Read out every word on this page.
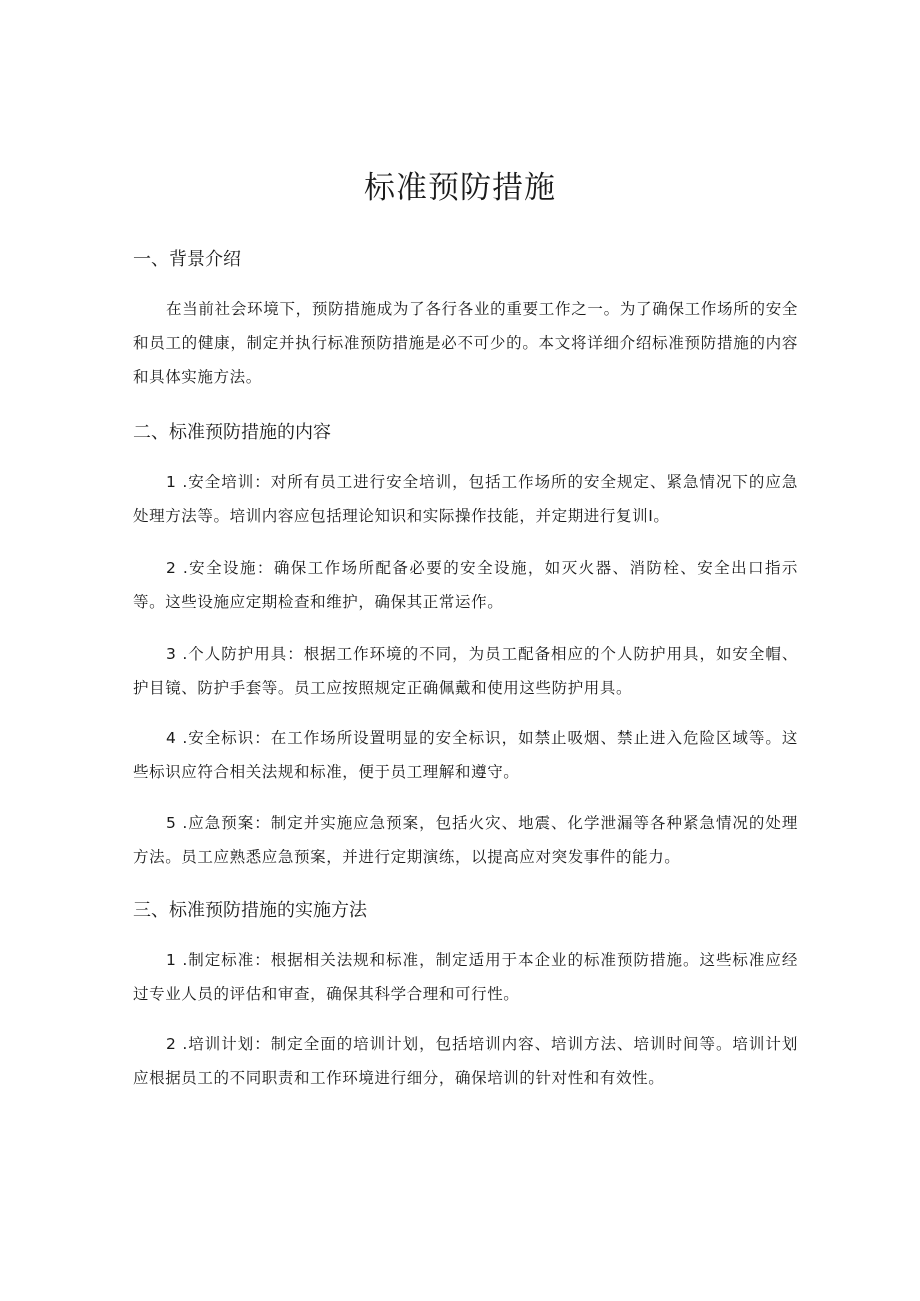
标准预防措施
一、背景介绍

在当前社会环境下，预防措施成为了各行各业的重要工作之一。为了确保工作场所的安全和员工的健康，制定并执行标准预防措施是必不可少的。本文将详细介绍标准预防措施的内容和具体实施方法。

二、标准预防措施的内容

1 .安全培训：对所有员工进行安全培训，包括工作场所的安全规定、紧急情况下的应急处理方法等。培训内容应包括理论知识和实际操作技能，并定期进行复训I。

2 .安全设施：确保工作场所配备必要的安全设施，如灭火器、消防栓、安全出口指示等。这些设施应定期检查和维护，确保其正常运作。

3 .个人防护用具：根据工作环境的不同，为员工配备相应的个人防护用具，如安全帽、护目镜、防护手套等。员工应按照规定正确佩戴和使用这些防护用具。

4 .安全标识：在工作场所设置明显的安全标识，如禁止吸烟、禁止进入危险区域等。这些标识应符合相关法规和标准，便于员工理解和遵守。

5 .应急预案：制定并实施应急预案，包括火灾、地震、化学泄漏等各种紧急情况的处理方法。员工应熟悉应急预案，并进行定期演练，以提高应对突发事件的能力。

三、标准预防措施的实施方法

1 .制定标准：根据相关法规和标准，制定适用于本企业的标准预防措施。这些标准应经过专业人员的评估和审查，确保其科学合理和可行性。

2 .培训计划：制定全面的培训计划，包括培训内容、培训方法、培训时间等。培训计划应根据员工的不同职责和工作环境进行细分，确保培训的针对性和有效性。
